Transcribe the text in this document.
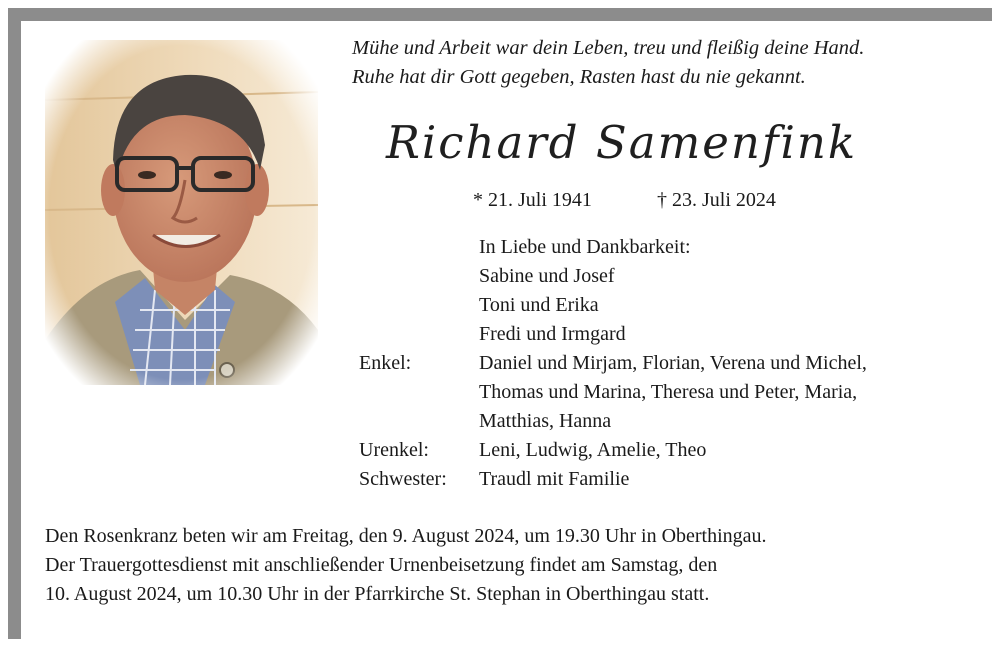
Mühe und Arbeit war dein Leben, treu und fleißig deine Hand.
Ruhe hat dir Gott gegeben, Rasten hast du nie gekannt.
Richard Samenfink
* 21. Juli 1941	† 23. Juli 2024
In Liebe und Dankbarkeit:
Sabine und Josef
Toni und Erika
Fredi und Irmgard
Enkel:	Daniel und Mirjam, Florian, Verena und Michel,
Thomas und Marina, Theresa und Peter, Maria,
Matthias, Hanna
Urenkel:	Leni, Ludwig, Amelie, Theo
Schwester:	Traudl mit Familie
Den Rosenkranz beten wir am Freitag, den 9. August 2024, um 19.30 Uhr in Oberthingau.
Der Trauergottesdienst mit anschließender Urnenbeisetzung findet am Samstag, den
10. August 2024, um 10.30 Uhr in der Pfarrkirche St. Stephan in Oberthingau statt.
